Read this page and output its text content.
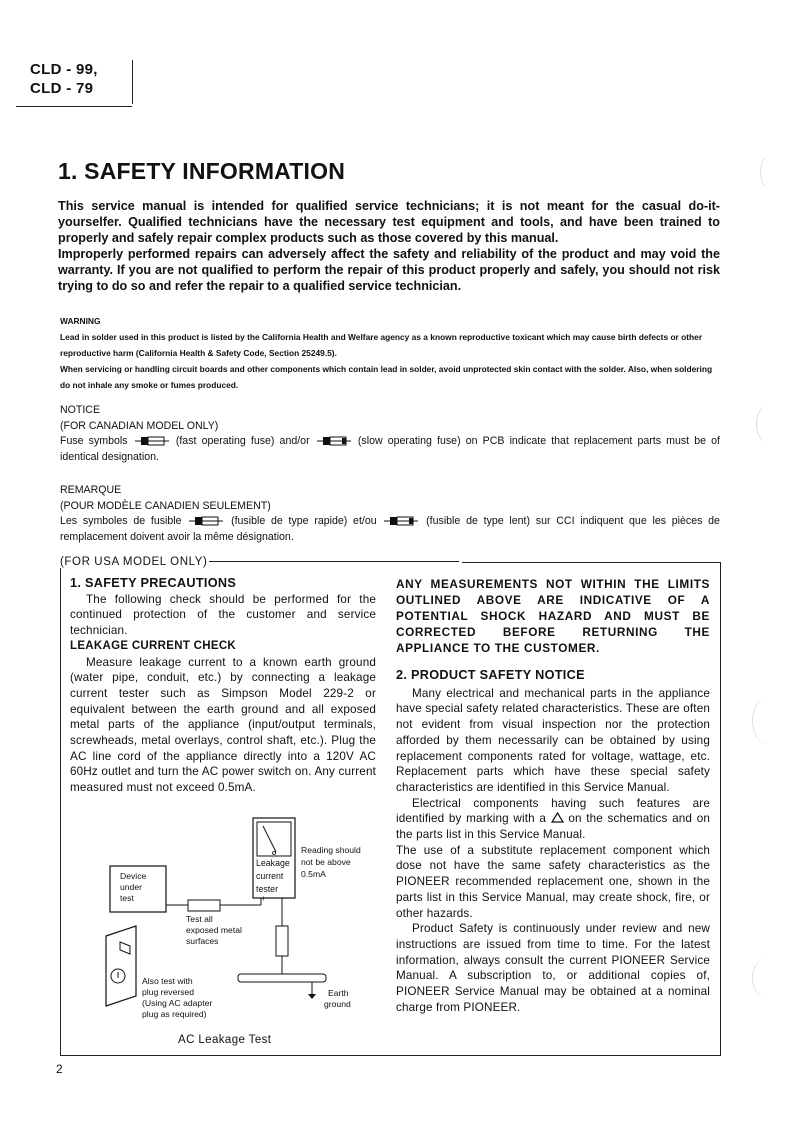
CLD - 99,
CLD - 79
1. SAFETY INFORMATION

This service manual is intended for qualified service technicians; it is not meant for the casual do-it-yourselfer. Qualified technicians have the necessary test equipment and tools, and have been trained to properly and safely repair complex products such as those covered by this manual.

Improperly performed repairs can adversely affect the safety and reliability of the product and may void the warranty. If you are not qualified to perform the repair of this product properly and safely, you should not risk trying to do so and refer the repair to a qualified service technician.

WARNING

Lead in solder used in this product is listed by the California Health and Welfare agency as a known reproductive toxicant which may cause birth defects or other reproductive harm (California Health & Safety Code, Section 25249.5).

When servicing or handling circuit boards and other components which contain lead in solder, avoid unprotected skin contact with the solder. Also, when soldering do not inhale any smoke or fumes produced.

NOTICE

(FOR CANADIAN MODEL ONLY)

Fuse symbols	(fast operating fuse) and/or	(slow operating fuse) on PCB indicate that replacement parts must be of identical designation.

REMARQUE

(POUR MODÈLE CANADIEN SEULEMENT)

Les symboles de fusible	(fusible de type rapide) et/ou	(fusible de type lent) sur CCI indiquent que les pièces de remplacement doivent avoir la même désignation.

(FOR USA MODEL ONLY)

1. SAFETY PRECAUTIONS

The following check should be performed for the continued protection of the customer and service technician.

LEAKAGE CURRENT CHECK

Measure leakage current to a known earth ground (water pipe, conduit, etc.) by connecting a leakage current tester such as Simpson Model 229-2 or equivalent between the earth ground and all exposed metal parts of the appliance (input/output terminals, screwheads, metal overlays, control shaft, etc.). Plug the AC line cord of the appliance directly into a 120V AC 60Hz outlet and turn the AC power switch on. Any current measured must not exceed 0.5mA.

ANY MEASUREMENTS NOT WITHIN THE LIMITS OUTLINED ABOVE ARE INDICATIVE OF A POTENTIAL SHOCK HAZARD AND MUST BE CORRECTED BEFORE RETURNING THE APPLIANCE TO THE CUSTOMER.

2. PRODUCT SAFETY NOTICE

Many electrical and mechanical parts in the appliance have special safety related characteristics. These are often not evident from visual inspection nor the protection afforded by them necessarily can be obtained by using replacement components rated for voltage, wattage, etc. Replacement parts which have these special safety characteristics are identified in this Service Manual.

Electrical components having such features are identified by marking with a on the schematics and on the parts list in this Service Manual.

The use of a substitute replacement component which dose not have the same safety characteristics as the PIONEER recommended replacement one, shown in the parts list in this Service Manual, may create shock, fire, or other hazards.

Product Safety is continuously under review and new instructions are issued from time to time. For the latest information, always consult the current PIONEER Service Manual. A subscription to, or additional copies of, PIONEER Service Manual may be obtained at a nominal charge from PIONEER.

Leakage
current
tester
+ −
Reading should
not be above
0.5mA
Device
under
test
Test all
exposed metal
surfaces
Also test with
plug reversed
(Using AC adapter
plug as required)
Earth
ground
AC Leakage Test
2
